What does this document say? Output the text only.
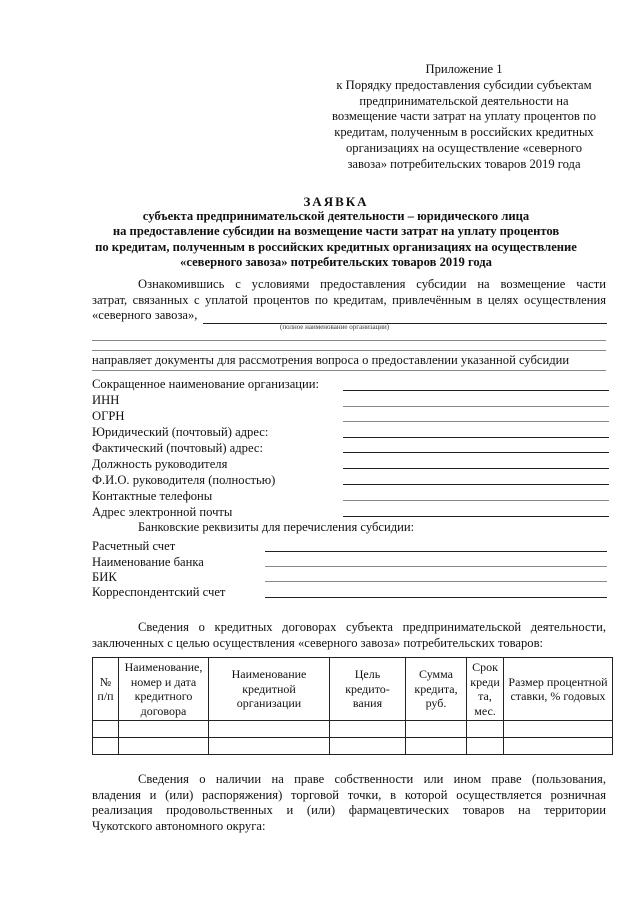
Приложение 1
к Порядку предоставления субсидии субъектам
предпринимательской деятельности на
возмещение части затрат на уплату процентов по
кредитам, полученным в российских кредитных
организациях на осуществление «северного
завоза» потребительских товаров 2019 года
ЗАЯВКА
субъекта предпринимательской деятельности – юридического лица
на предоставление субсидии на возмещение части затрат на уплату процентов
по кредитам, полученным в российских кредитных организациях на осуществление
«северного завоза» потребительских товаров 2019 года
Ознакомившись с условиями предоставления субсидии на возмещение части
затрат, связанных с уплатой процентов по кредитам, привлечённым в целях осуществления
«северного завоза»,
(полное наименование организации)
направляет документы для рассмотрения вопроса о предоставлении указанной субсидии
Сокращенное наименование организации:
ИНН
ОГРН
Юридический (почтовый) адрес:
Фактический (почтовый) адрес:
Должность руководителя
Ф.И.О. руководителя (полностью)
Контактные телефоны
Адрес электронной почты
Банковские реквизиты для перечисления субсидии:
Расчетный счет
Наименование банка
БИК
Корреспондентский счет
Сведения о кредитных договорах субъекта предпринимательской деятельности,
заключенных с целью осуществления «северного завоза» потребительских товаров:
№ п/п	Наименование, номер и дата кредитного договора	Наименование кредитной организации	Цель кредито-вания	Сумма кредита, руб.	Срок креди та, мес.	Размер процентной ставки, % годовых

Сведения о наличии на праве собственности или ином праве (пользования,
владения и (или) распоряжения) торговой точки, в которой осуществляется розничная
реализация продовольственных и (или) фармацевтических товаров на территории
Чукотского автономного округа:
